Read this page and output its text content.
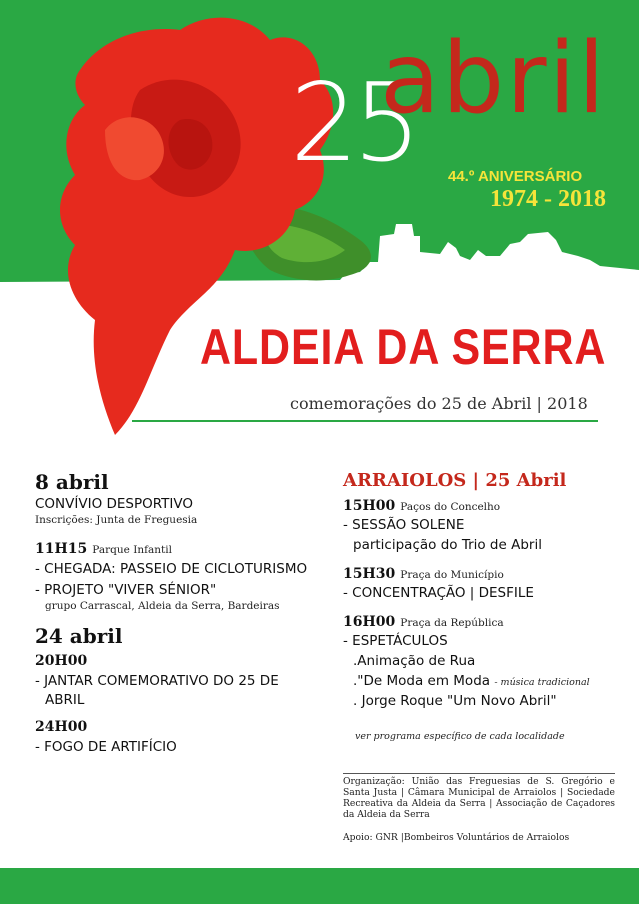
25
abril
44.º ANIVERSÁRIO
1974 - 2018
ALDEIA DA SERRA
comemorações do 25 de Abril | 2018

8 abril

CONVÍVIO DESPORTIVO

Inscrições: Junta de Freguesia

11H15 Parque Infantil

- CHEGADA: PASSEIO DE CICLOTURISMO

- PROJETO "VIVER SÉNIOR"

grupo Carrascal, Aldeia da Serra, Bardeiras

24 abril

20H00

- JANTAR COMEMORATIVO DO 25 DE

ABRIL

24H00

- FOGO DE ARTIFÍCIO

ARRAIOLOS | 25 Abril

15H00 Paços do Concelho

- SESSÃO SOLENE

participação do Trio de Abril

15H30 Praça do Município

- CONCENTRAÇÃO | DESFILE

16H00 Praça da República

- ESPETÁCULOS

.Animação de Rua

."De Moda em Moda - música tradicional

. Jorge Roque "Um Novo Abril"

ver programa específico de cada localidade

Organização: União das Freguesias de S. Gregório e Santa Justa | Câmara Municipal de Arraiolos | Sociedade Recreativa da Aldeia da Serra | Associação de Caçadores da Aldeia da Serra
Apoio: GNR |Bombeiros Voluntários de Arraiolos
